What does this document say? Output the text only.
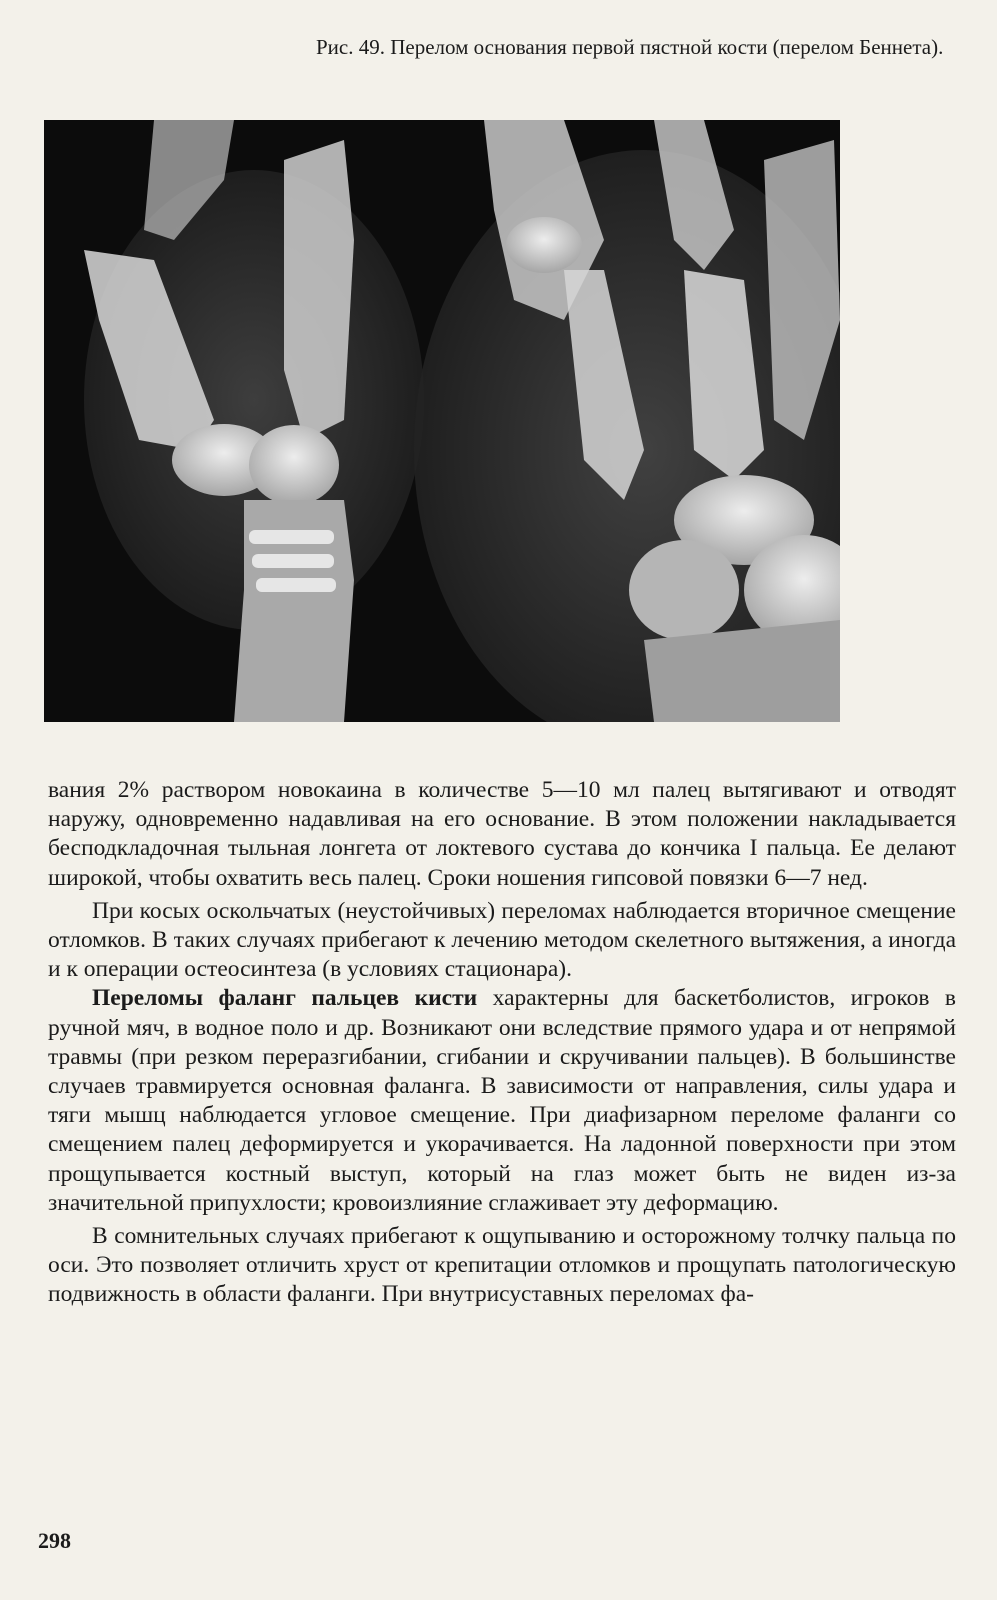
Рис. 49. Перелом основания первой пястной кости (перелом Беннета).

вания 2% раствором новокаина в количестве 5—10 мл палец вытягивают и отводят наружу, одновременно надавливая на его основание. В этом положении накладывается бесподкладочная тыльная лонгета от локтевого сустава до кончика I пальца. Ее делают широкой, чтобы охватить весь палец. Сроки ношения гипсовой повязки 6—7 нед.

При косых оскольчатых (неустойчивых) переломах наблюдается вторичное смещение отломков. В таких случаях прибегают к лечению методом скелетного вытяжения, а иногда и к операции остеосинтеза (в условиях стационара).

Переломы фаланг пальцев кисти характерны для баскетболистов, игроков в ручной мяч, в водное поло и др. Возникают они вследствие прямого удара и от непрямой травмы (при резком переразгибании, сгибании и скручивании пальцев). В большинстве случаев травмируется основная фаланга. В зависимости от направления, силы удара и тяги мышц наблюдается угловое смещение. При диафизарном переломе фаланги со смещением палец деформируется и укорачивается. На ладонной поверхности при этом прощупывается костный выступ, который на глаз может быть не виден из-за значительной припухлости; кровоизлияние сглаживает эту деформацию.

В сомнительных случаях прибегают к ощупыванию и осторожному толчку пальца по оси. Это позволяет отличить хруст от крепитации отломков и прощупать патологическую подвижность в области фаланги. При внутрисуставных переломах фа-

298
